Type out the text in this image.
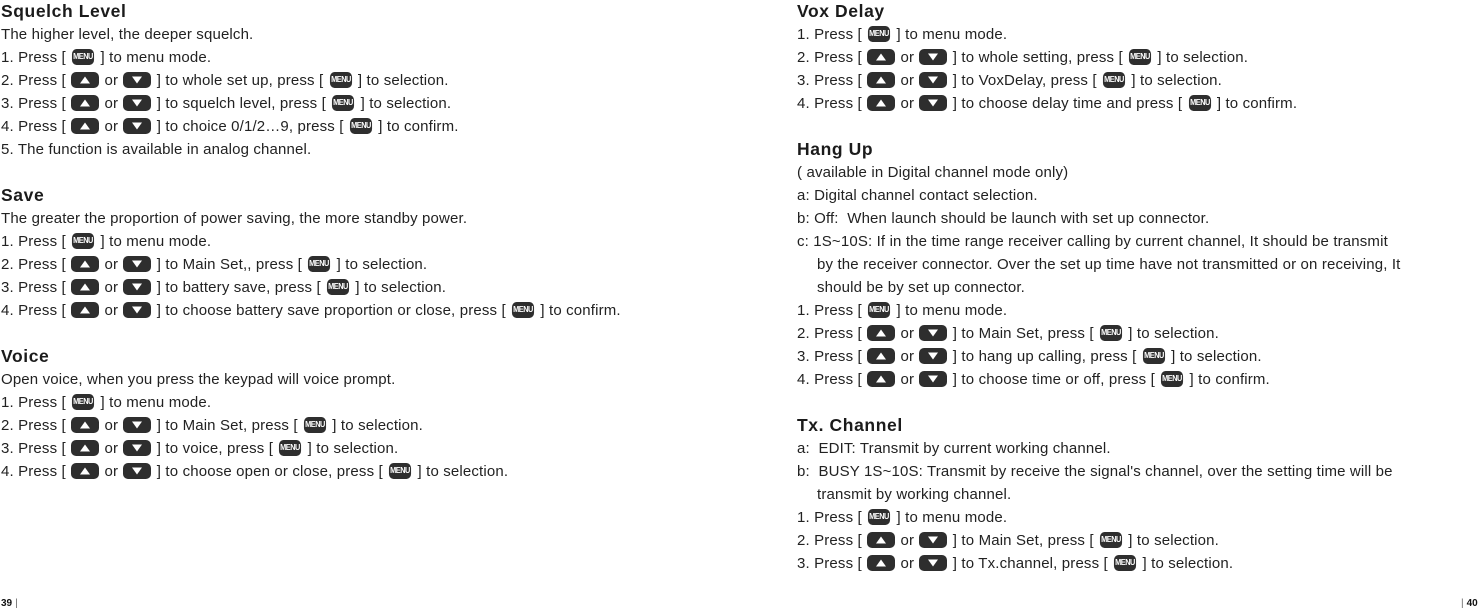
Squelch Level
The higher level, the deeper squelch.
1. Press [ MENU ] to menu mode.
2. Press [  or  ] to whole set up, press [ MENU ] to selection.
3. Press [  or  ] to squelch level, press [ MENU ] to selection.
4. Press [  or  ] to choice 0/1/2…9, press [ MENU ] to confirm.
5. The function is available in analog channel.
Save
The greater the proportion of power saving, the more standby power.
1. Press [ MENU ] to menu mode.
2. Press [  or  ] to Main Set,, press [ MENU ] to selection.
3. Press [  or  ] to battery save, press [ MENU ] to selection.
4. Press [  or  ] to choose battery save proportion or close, press [ MENU ] to confirm.
Voice
Open voice, when you press the keypad will voice prompt.
1. Press [ MENU ] to menu mode.
2. Press [  or  ] to Main Set, press [ MENU ] to selection.
3. Press [  or  ] to voice, press [ MENU ] to selection.
4. Press [  or  ] to choose open or close, press [ MENU ] to selection.
Vox Delay
1. Press [ MENU ] to menu mode.
2. Press [  or  ] to whole setting, press [ MENU ] to selection.
3. Press [  or  ] to VoxDelay, press [ MENU ] to selection.
4. Press [  or  ] to choose delay time and press [ MENU ] to confirm.
Hang Up
( available in Digital channel mode only)
a: Digital channel contact selection.
b: Off:  When launch should be launch with set up connector.
c: 1S~10S: If in the time range receiver calling by current channel, It should be transmit
by the receiver connector. Over the set up time have not transmitted or on receiving, It
should be by set up connector.
1. Press [ MENU ] to menu mode.
2. Press [  or  ] to Main Set, press [ MENU ] to selection.
3. Press [  or  ] to hang up calling, press [ MENU ] to selection.
4. Press [  or  ] to choose time or off, press [ MENU ] to confirm.
Tx. Channel
a:  EDIT: Transmit by current working channel.
b:  BUSY 1S~10S: Transmit by receive the signal's channel, over the setting time will be
transmit by working channel.
1. Press [ MENU ] to menu mode.
2. Press [  or  ] to Main Set, press [ MENU ] to selection.
3. Press [  or  ] to Tx.channel, press [ MENU ] to selection.
39 |	| 40
